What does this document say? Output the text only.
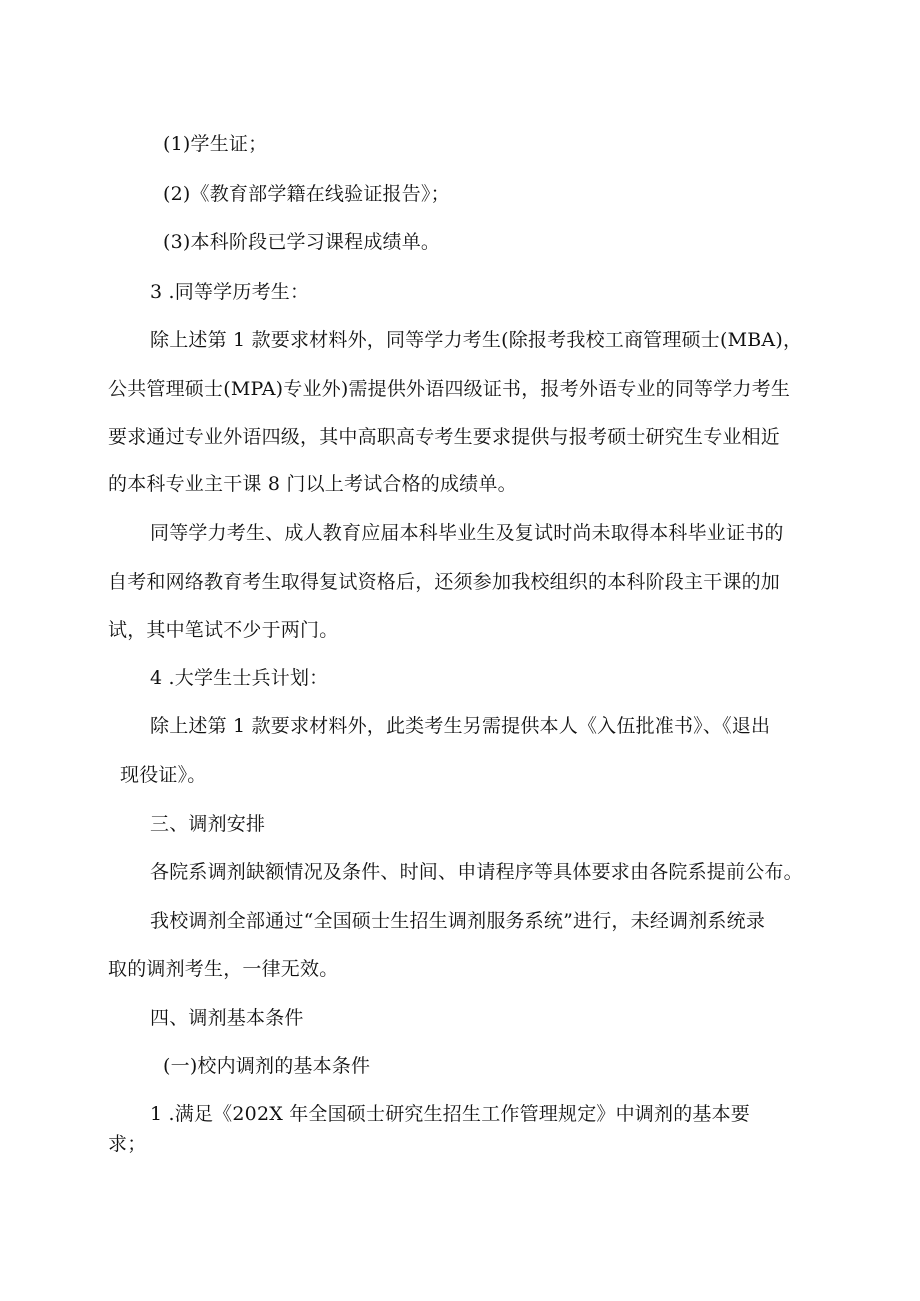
(1)学生证；
(2)《教育部学籍在线验证报告》；
(3)本科阶段已学习课程成绩单。
3 .同等学历考生：
除上述第 1 款要求材料外，同等学力考生(除报考我校工商管理硕士(MBA)，
公共管理硕士(MPA)专业外)需提供外语四级证书，报考外语专业的同等学力考生
要求通过专业外语四级，其中高职高专考生要求提供与报考硕士研究生专业相近
的本科专业主干课 8 门以上考试合格的成绩单。
同等学力考生、成人教育应届本科毕业生及复试时尚未取得本科毕业证书的
自考和网络教育考生取得复试资格后，还须参加我校组织的本科阶段主干课的加
试，其中笔试不少于两门。
4 .大学生士兵计划：
除上述第 1 款要求材料外，此类考生另需提供本人《入伍批准书》、《退出
现役证》。
三、调剂安排
各院系调剂缺额情况及条件、时间、申请程序等具体要求由各院系提前公布。
我校调剂全部通过“全国硕士生招生调剂服务系统”进行，未经调剂系统录
取的调剂考生，一律无效。
四、调剂基本条件
(一)校内调剂的基本条件
1 .满足《202X 年全国硕士研究生招生工作管理规定》中调剂的基本要
求；
